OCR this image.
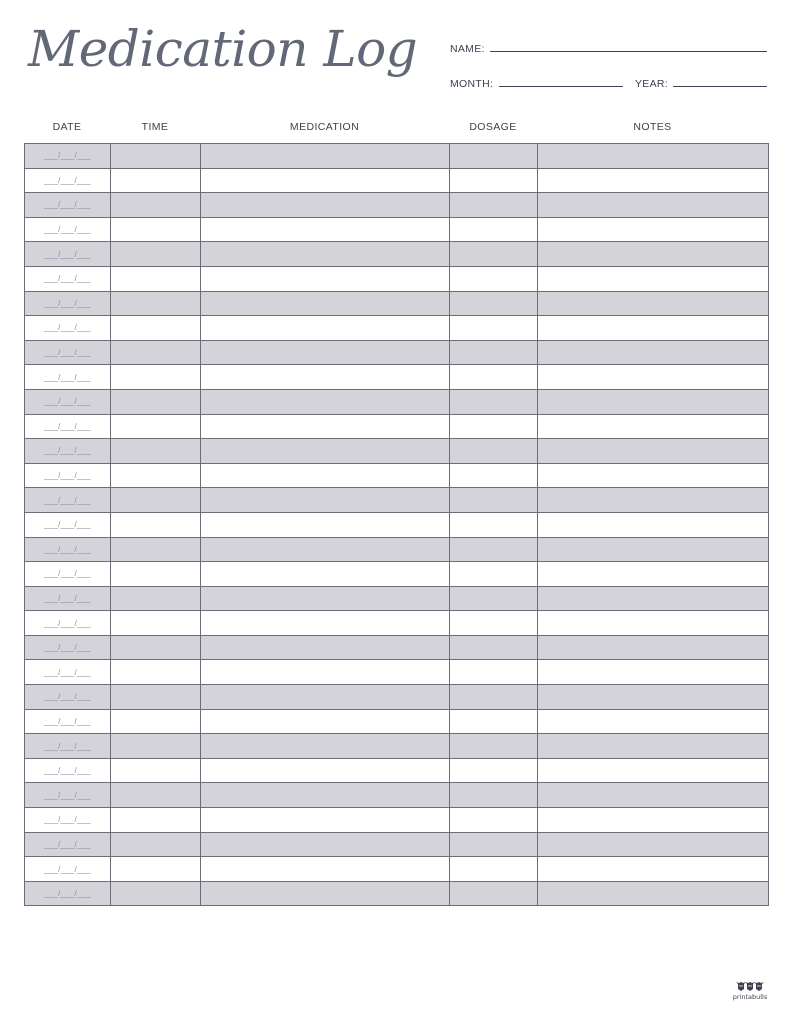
Medication Log	NAME:
MONTH:	YEAR:
DATE	TIME	MEDICATION	DOSAGE	NOTES
___/___/___				
___/___/___				
___/___/___				
___/___/___				
___/___/___				
___/___/___				
___/___/___				
___/___/___				
___/___/___				
___/___/___				
___/___/___				
___/___/___				
___/___/___				
___/___/___				
___/___/___				
___/___/___				
___/___/___				
___/___/___				
___/___/___				
___/___/___				
___/___/___				
___/___/___				
___/___/___				
___/___/___				
___/___/___				
___/___/___				
___/___/___				
___/___/___				
___/___/___				
___/___/___				
___/___/___				
printabulls
